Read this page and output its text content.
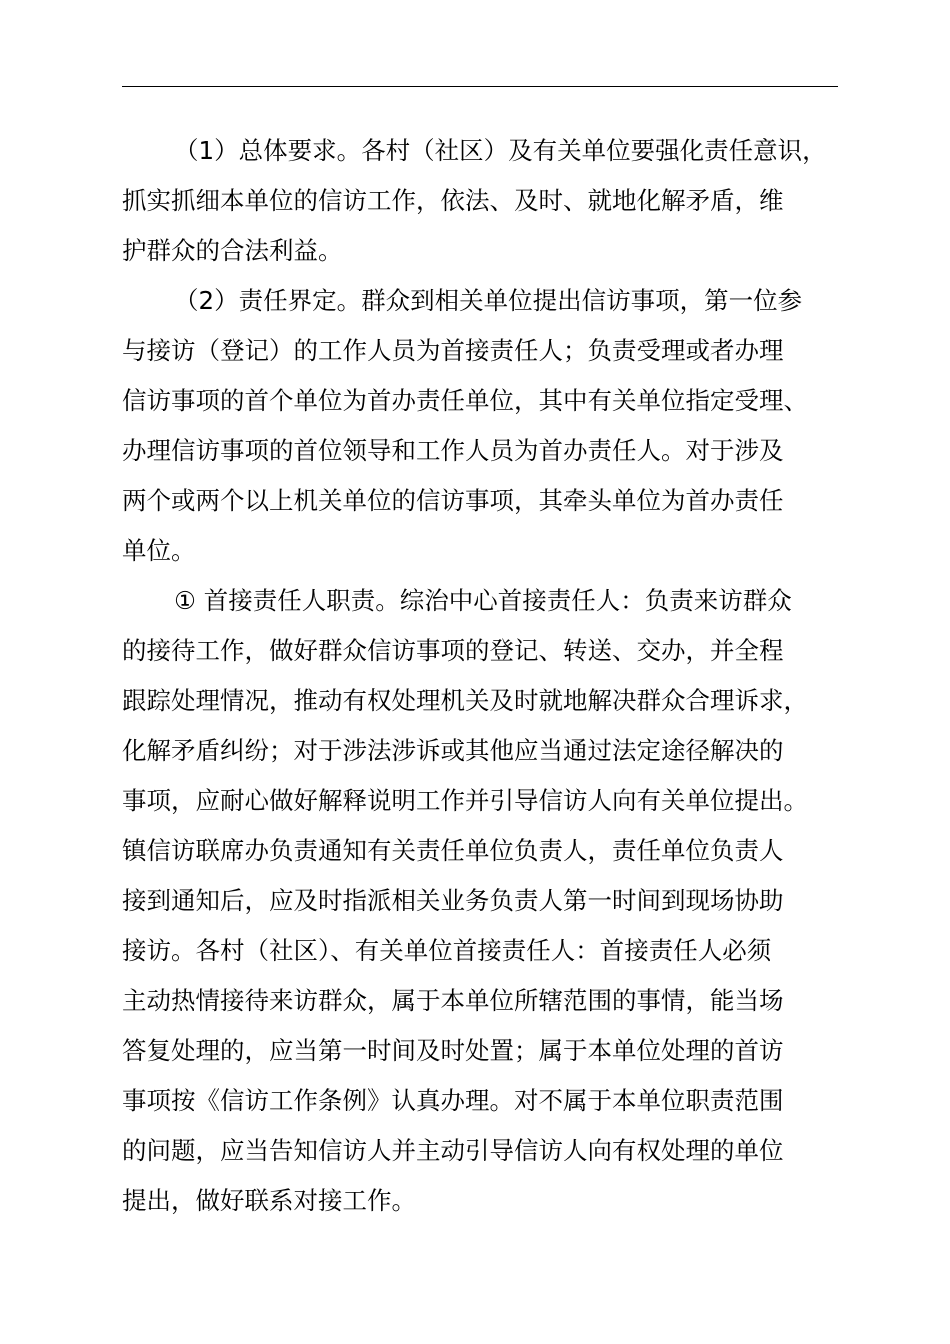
（1）总体要求。各村（社区）及有关单位要强化责任意识，
抓实抓细本单位的信访工作，依法、及时、就地化解矛盾，维
护群众的合法利益。
（2）责任界定。群众到相关单位提出信访事项，第一位参
与接访（登记）的工作人员为首接责任人；负责受理或者办理
信访事项的首个单位为首办责任单位，其中有关单位指定受理、
办理信访事项的首位领导和工作人员为首办责任人。对于涉及
两个或两个以上机关单位的信访事项，其牵头单位为首办责任
单位。
① 首接责任人职责。综治中心首接责任人：负责来访群众
的接待工作，做好群众信访事项的登记、转送、交办，并全程
跟踪处理情况，推动有权处理机关及时就地解决群众合理诉求，
化解矛盾纠纷；对于涉法涉诉或其他应当通过法定途径解决的
事项，应耐心做好解释说明工作并引导信访人向有关单位提出。
镇信访联席办负责通知有关责任单位负责人，责任单位负责人
接到通知后，应及时指派相关业务负责人第一时间到现场协助
接访。各村（社区）、有关单位首接责任人：首接责任人必须
主动热情接待来访群众，属于本单位所辖范围的事情，能当场
答复处理的，应当第一时间及时处置；属于本单位处理的首访
事项按《信访工作条例》认真办理。对不属于本单位职责范围
的问题，应当告知信访人并主动引导信访人向有权处理的单位
提出，做好联系对接工作。
